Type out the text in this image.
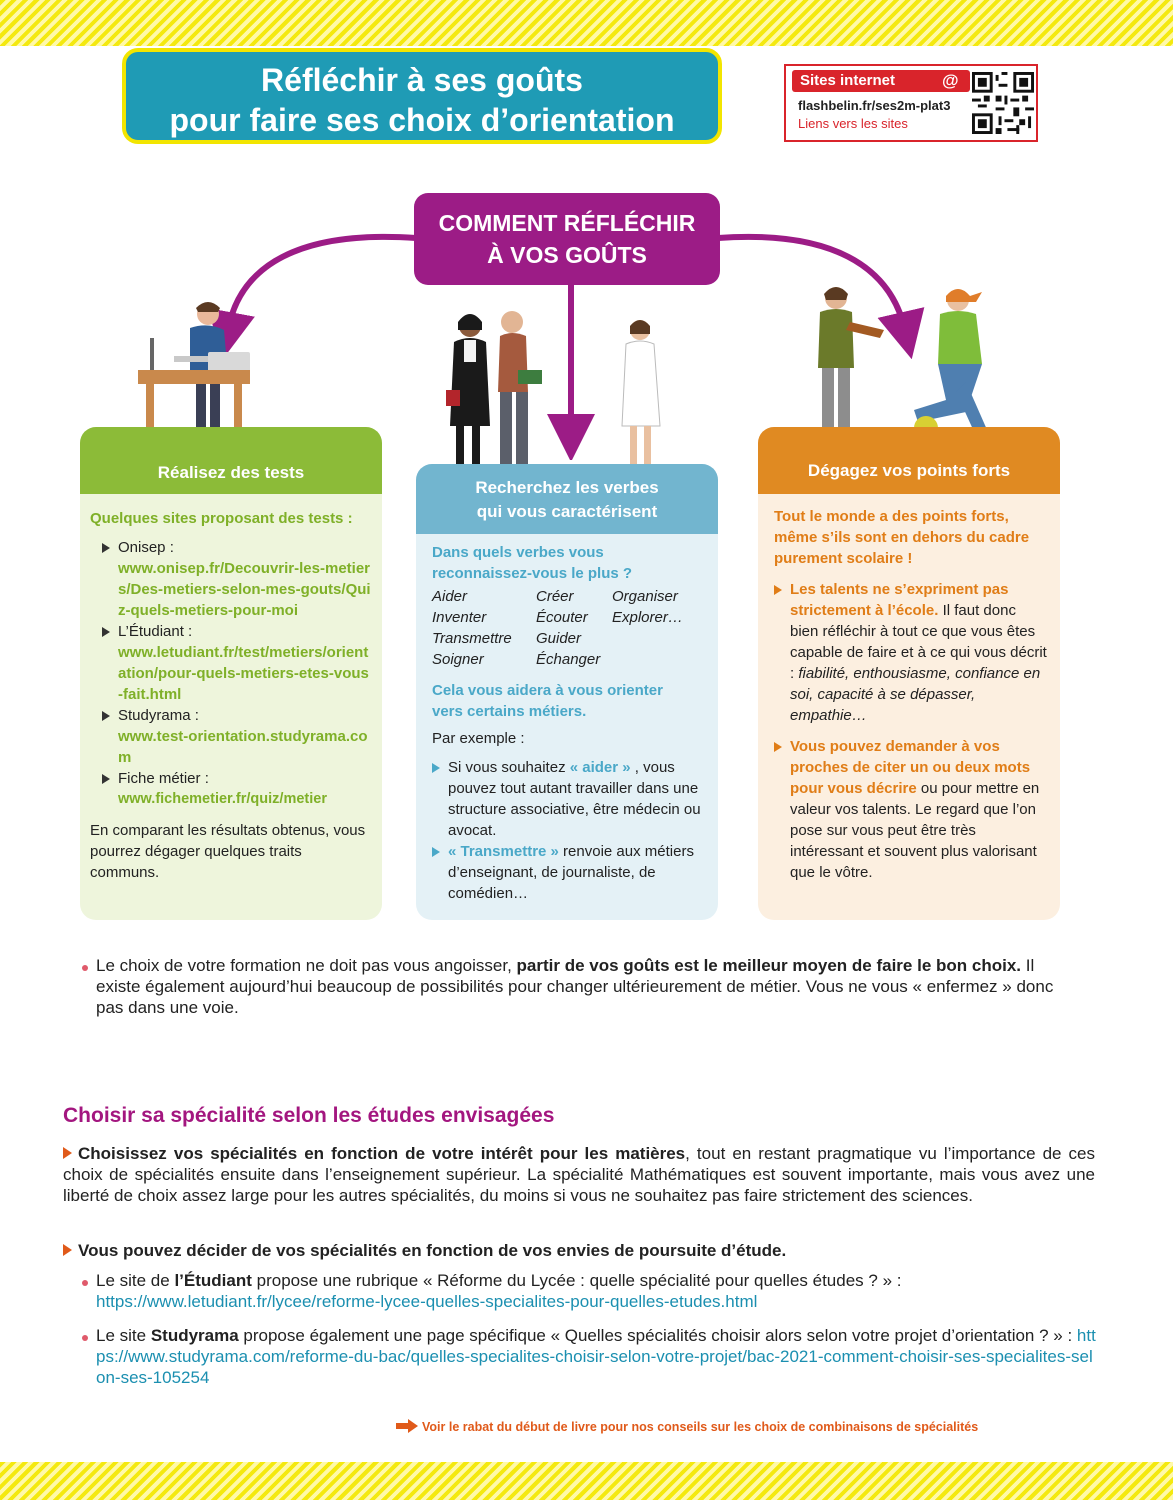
Réfléchir à ses goûts
pour faire ses choix d’orientation
Sites internet	@
flashbelin.fr/ses2m-plat3
Liens vers les sites
COMMENT RÉFLÉCHIR
À VOS GOÛTS
Réalisez des tests
Quelques sites proposant des tests :
Onisep :
www.onisep.fr/Decouvrir-les-metiers/Des-metiers-selon-mes-gouts/Quiz-quels-metiers-pour-moi
L’Étudiant :
www.letudiant.fr/test/metiers/orientation/pour-quels-metiers-etes-vous-fait.html
Studyrama :
www.test-orientation.studyrama.com
Fiche métier :
www.fichemetier.fr/quiz/metier
En comparant les résultats obtenus, vous pourrez dégager quelques traits communs.
Recherchez les verbes
qui vous caractérisent
Dans quels verbes vous
reconnaissez-vous le plus ?
Aider
Inventer
Transmettre
Soigner
Créer
Écouter
Guider
Échanger
Organiser
Explorer…
Cela vous aidera à vous orienter
vers certains métiers.
Par exemple :
Si vous souhaitez « aider » , vous pouvez tout autant travailler dans une structure associative, être médecin ou avocat.
« Transmettre » renvoie aux métiers d’enseignant, de journaliste, de comédien…
Dégagez vos points forts
Tout le monde a des points forts, même s’ils sont en dehors du cadre purement scolaire !
Les talents ne s’expriment pas strictement à l’école. Il faut donc bien réfléchir à tout ce que vous êtes capable de faire et à ce qui vous décrit : fiabilité, enthousiasme, confiance en soi, capacité à se dépasser, empathie…
Vous pouvez demander à vos proches de citer un ou deux mots pour vous décrire ou pour mettre en valeur vos talents. Le regard que l’on pose sur vous peut être très intéressant et souvent plus valorisant que le vôtre.
Le choix de votre formation ne doit pas vous angoisser, partir de vos goûts est le meilleur moyen de faire le bon choix. Il existe également aujourd’hui beaucoup de possibilités pour changer ultérieurement de métier. Vous ne vous « enfermez » donc pas dans une voie.
Choisir sa spécialité selon les études envisagées
Choisissez vos spécialités en fonction de votre intérêt pour les matières, tout en restant pragmatique vu l’importance de ces choix de spécialités ensuite dans l’enseignement supérieur. La spécialité Mathématiques est souvent importante, mais vous avez une liberté de choix assez large pour les autres spécialités, du moins si vous ne souhaitez pas faire strictement des sciences.
Vous pouvez décider de vos spécialités en fonction de vos envies de poursuite d’étude.
Le site de l’Étudiant propose une rubrique « Réforme du Lycée : quelle spécialité pour quelles études ? » :
https://www.letudiant.fr/lycee/reforme-lycee-quelles-specialites-pour-quelles-etudes.html
Le site Studyrama propose également une page spécifique « Quelles spécialités choisir alors selon votre projet d’orientation ? » : https://www.studyrama.com/reforme-du-bac/quelles-specialites-choisir-selon-votre-projet/bac-2021-comment-choisir-ses-specialites-selon-ses-105254
Voir le rabat du début de livre pour nos conseils sur les choix de combinaisons de spécialités
